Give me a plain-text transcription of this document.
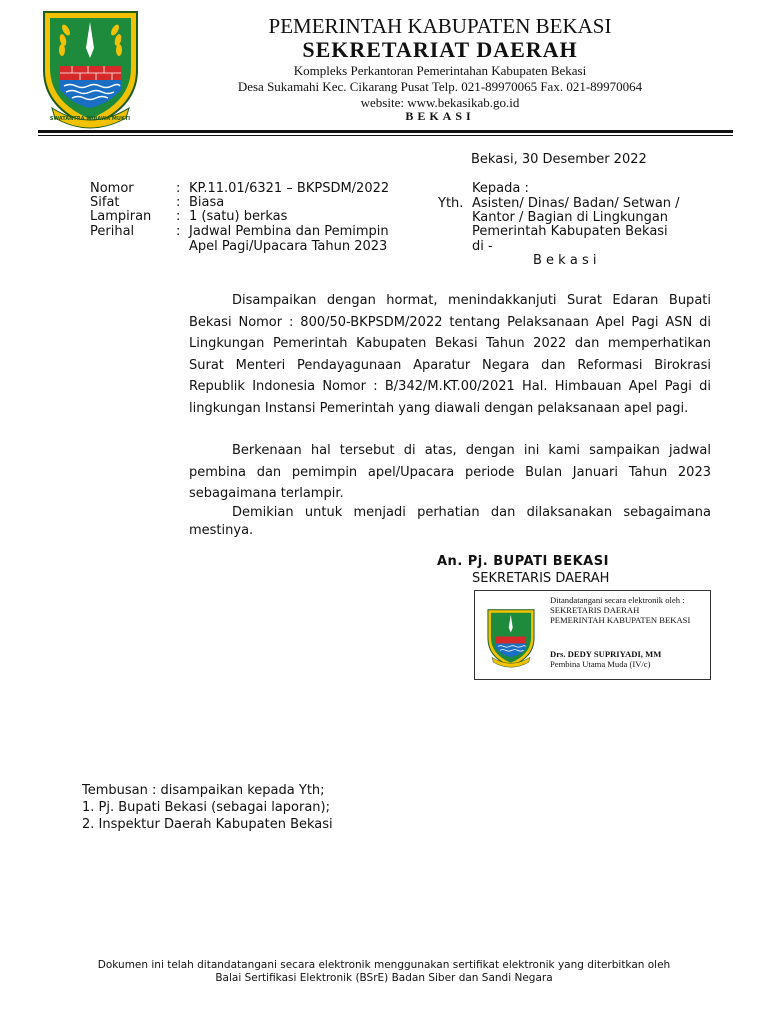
SWATANTRA WIBAWA MUKTI
PEMERINTAH KABUPATEN BEKASI
SEKRETARIAT DAERAH
Kompleks Perkantoran Pemerintahan Kabupaten Bekasi
Desa Sukamahi Kec. Cikarang Pusat Telp. 021-89970065 Fax. 021-89970064
website: www.bekasikab.go.id
BEKASI
Bekasi, 30 Desember 2022
Nomor	: KP.11.01/6321 – BKPSDM/2022
Sifat	: Biasa
Lampiran : 1 (satu) berkas
Perihal	: Jadwal Pembina dan Pemimpin
Apel Pagi/Upacara Tahun 2023
Kepada :
Yth. Asisten/ Dinas/ Badan/ Setwan /
Kantor / Bagian di Lingkungan
Pemerintah Kabupaten Bekasi
di -
B e k a s i
Disampaikan dengan hormat, menindakkanjuti Surat Edaran Bupati Bekasi Nomor : 800/50-BKPSDM/2022 tentang Pelaksanaan Apel Pagi ASN di Lingkungan Pemerintah Kabupaten Bekasi Tahun 2022 dan memperhatikan Surat Menteri Pendayagunaan Aparatur Negara dan Reformasi Birokrasi Republik Indonesia Nomor : B/342/M.KT.00/2021 Hal. Himbauan Apel Pagi di lingkungan Instansi Pemerintah yang diawali dengan pelaksanaan apel pagi.
Berkenaan hal tersebut di atas, dengan ini kami sampaikan jadwal pembina dan pemimpin apel/Upacara periode Bulan Januari Tahun 2023 sebagaimana terlampir.
Demikian untuk menjadi perhatian dan dilaksanakan sebagaimana mestinya.
An. Pj. BUPATI BEKASI
SEKRETARIS DAERAH
Ditandatangani secara elektronik oleh :
SEKRETARIS DAERAH
PEMERINTAH KABUPATEN BEKASI
Drs. DEDY SUPRIYADI, MM
Pembina Utama Muda (IV/c)
Tembusan : disampaikan kepada Yth;
1. Pj. Bupati Bekasi (sebagai laporan);
2. Inspektur Daerah Kabupaten Bekasi
Dokumen ini telah ditandatangani secara elektronik menggunakan sertifikat elektronik yang diterbitkan oleh
Balai Sertifikasi Elektronik (BSrE) Badan Siber dan Sandi Negara
